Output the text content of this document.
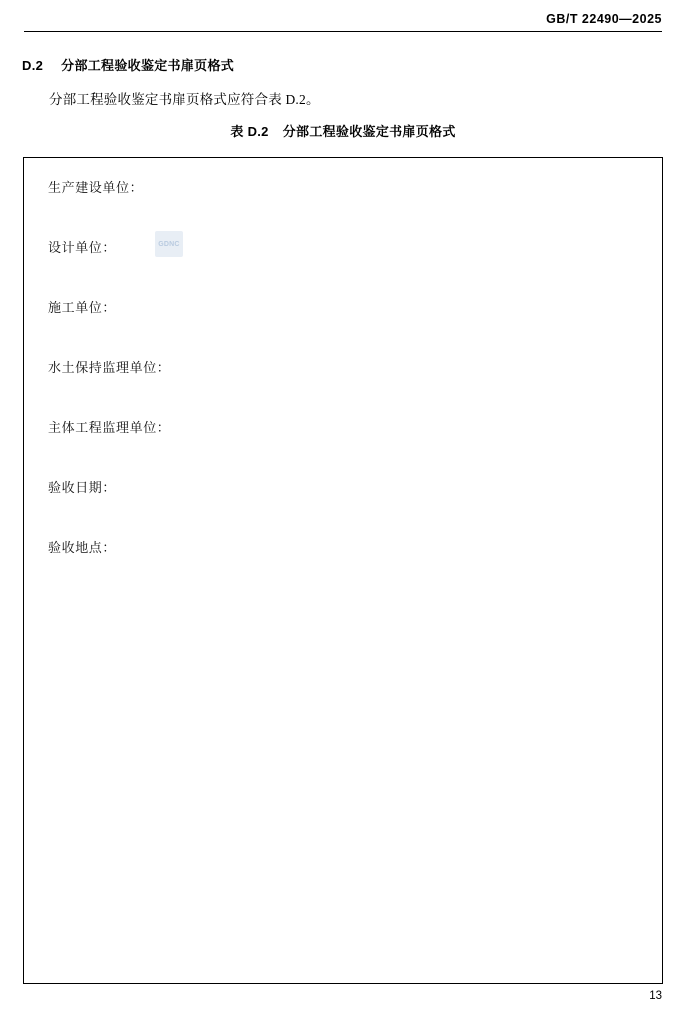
GB/T 22490—2025
D.2 分部工程验收鉴定书扉页格式
分部工程验收鉴定书扉页格式应符合表 D.2。
表 D.2 分部工程验收鉴定书扉页格式
生产建设单位：
设计单位：
施工单位：
水土保持监理单位：
主体工程监理单位：
验收日期：
验收地点：
GDNC
13
